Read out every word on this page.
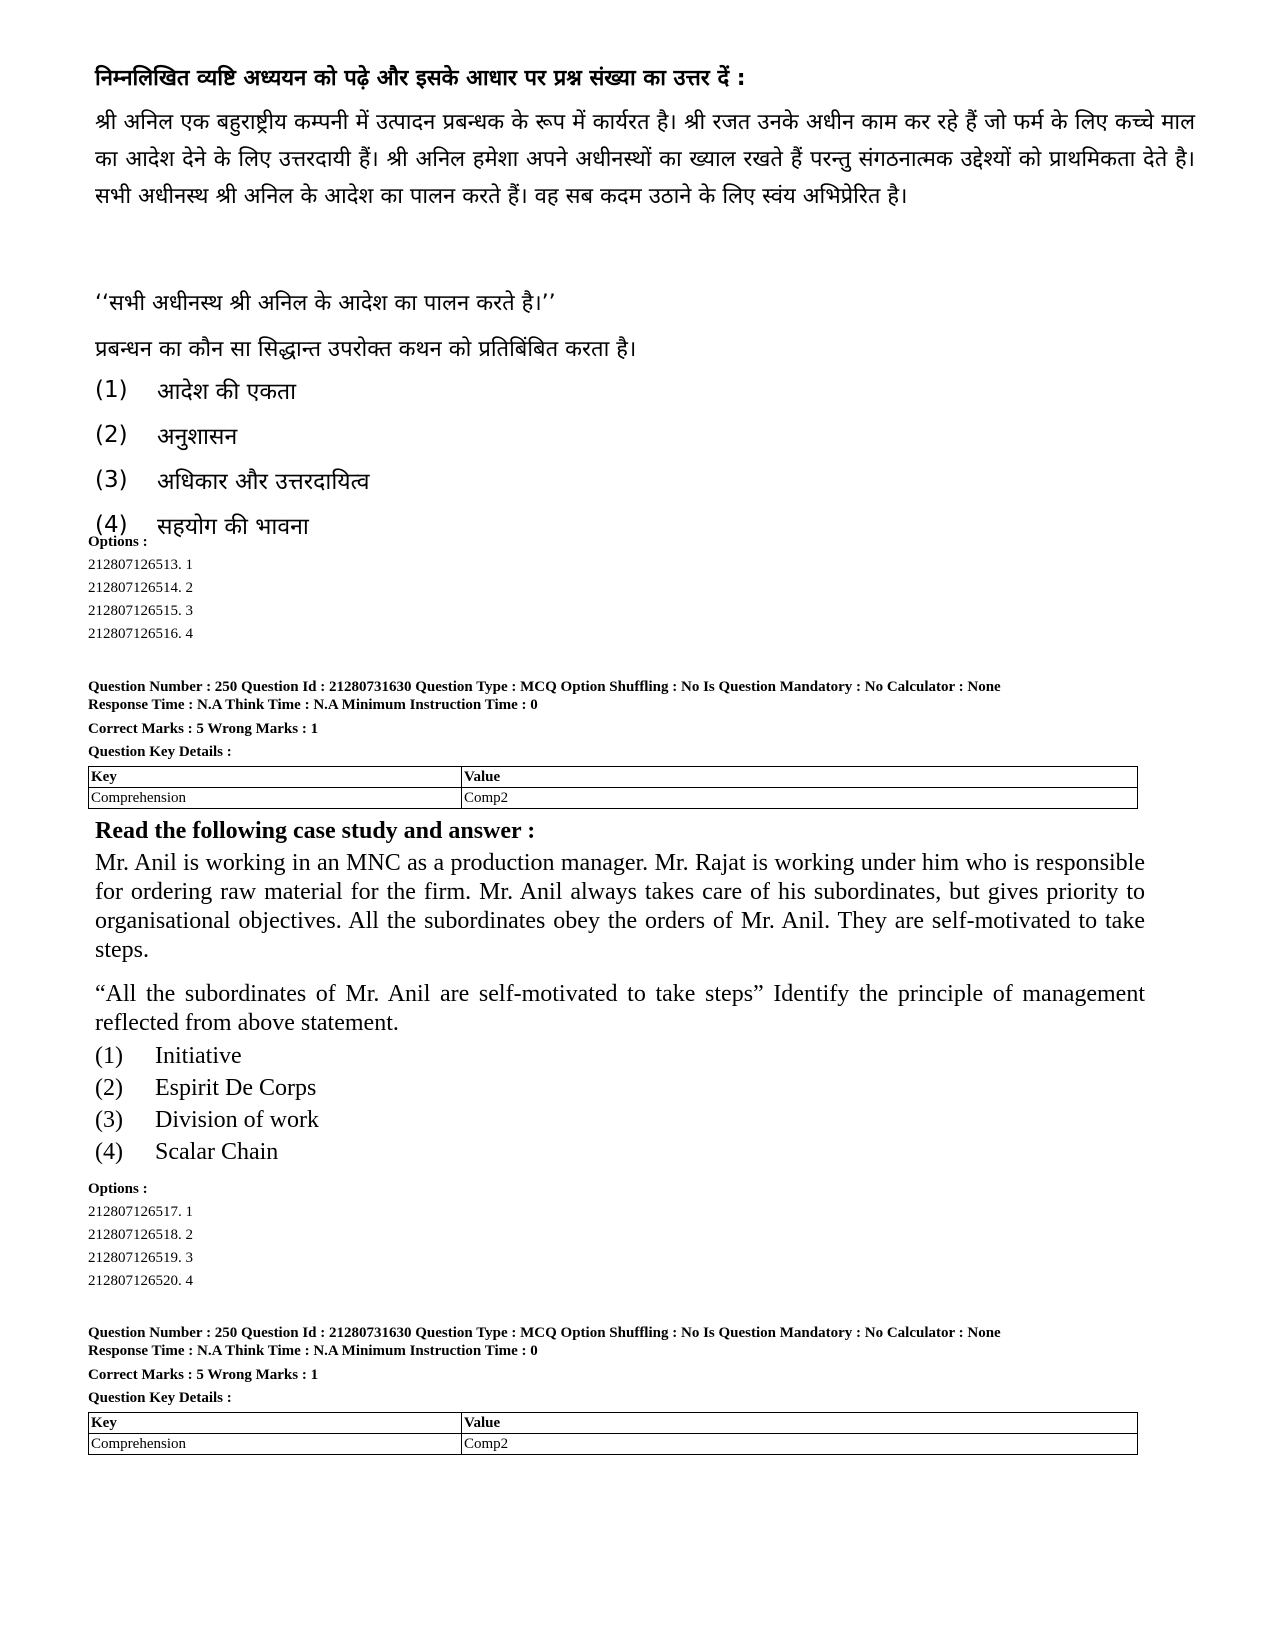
निम्नलिखित व्यष्टि अध्ययन को पढ़े और इसके आधार पर प्रश्न संख्या का उत्तर दें :

श्री अनिल एक बहुराष्ट्रीय कम्पनी में उत्पादन प्रबन्धक के रूप में कार्यरत है। श्री रजत उनके अधीन काम कर रहे हैं जो फर्म के लिए कच्चे माल का आदेश देने के लिए उत्तरदायी हैं। श्री अनिल हमेशा अपने अधीनस्थों का ख्याल रखते हैं परन्तु संगठनात्मक उद्देश्यों को प्राथमिकता देते है। सभी अधीनस्थ श्री अनिल के आदेश का पालन करते हैं। वह सब कदम उठाने के लिए स्वंय अभिप्रेरित है।

‘‘सभी अधीनस्थ श्री अनिल के आदेश का पालन करते है।’’
प्रबन्धन का कौन सा सिद्धान्त उपरोक्त कथन को प्रतिबिंबित करता है।
(1)	आदेश की एकता
(2)	अनुशासन
(3)	अधिकार और उत्तरदायित्व
(4)	सहयोग की भावना
Options :
212807126513. 1
212807126514. 2
212807126515. 3
212807126516. 4
Question Number : 250 Question Id : 21280731630 Question Type : MCQ Option Shuffling : No Is Question Mandatory : No Calculator : None
Response Time : N.A Think Time : N.A Minimum Instruction Time : 0
Correct Marks : 5 Wrong Marks : 1
Question Key Details :
Key	Value
Comprehension	Comp2
Read the following case study and answer :

Mr. Anil is working in an MNC as a production manager. Mr. Rajat is working under him who is responsible for ordering raw material for the firm. Mr. Anil always takes care of his subordinates, but gives priority to organisational objectives. All the subordinates obey the orders of Mr. Anil. They are self-motivated to take steps.

“All the subordinates of Mr. Anil are self-motivated to take steps” Identify the principle of management reflected from above statement.

(1)	Initiative
(2)	Espirit De Corps
(3)	Division of work
(4)	Scalar Chain
Options :
212807126517. 1
212807126518. 2
212807126519. 3
212807126520. 4
Question Number : 250 Question Id : 21280731630 Question Type : MCQ Option Shuffling : No Is Question Mandatory : No Calculator : None
Response Time : N.A Think Time : N.A Minimum Instruction Time : 0
Correct Marks : 5 Wrong Marks : 1
Question Key Details :
Key	Value
Comprehension	Comp2
